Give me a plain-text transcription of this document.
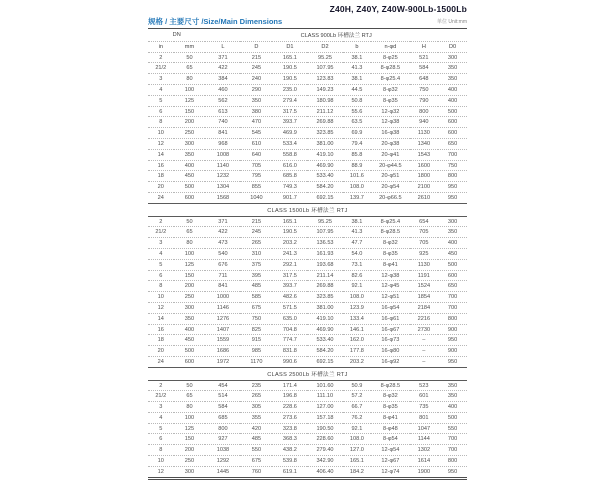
Z40H, Z40Y, Z40W-900Lb-1500Lb
规格 / 主要尺寸 /Size/Main Dimensions	单位 Unit:mm
DN		CLASS 900Lb 环槽法兰 RTJ							
in	mm	L	D	D1	D2	b	n-φd	H	D0
2	50	371	215	165.1	95.25	38.1	8-φ25	521	300
21/2	65	422	245	190.5	107.95	41.3	8-φ28.5	584	350
3	80	384	240	190.5	123.83	38.1	8-φ25.4	648	350
4	100	460	290	235.0	149.23	44.5	8-φ32	750	400
5	125	562	350	279.4	180.98	50.8	8-φ35	790	400
6	150	613	380	317.5	211.12	55.6	12-φ32	800	500
8	200	740	470	393.7	269.88	63.5	12-φ38	940	600
10	250	841	545	469.9	323.85	69.9	16-φ38	1130	600
12	300	968	610	533.4	381.00	79.4	20-φ38	1340	650
14	350	1008	640	558.8	419.10	85.8	20-φ41	1543	700
16	400	1140	705	616.0	469.90	88.9	20-φ44.5	1600	750
18	450	1232	795	685.8	533.40	101.6	20-φ51	1800	800
20	500	1304	855	749.3	584.20	108.0	20-φ54	2100	950
24	600	1568	1040	901.7	692.15	139.7	20-φ66.5	2610	950
CLASS 1500Lb 环槽法兰 RTJ									
2	50	371	215	165.1	95.25	38.1	8-φ25.4	654	300
21/2	65	422	245	190.5	107.95	41.3	8-φ28.5	705	350
3	80	473	265	203.2	136.53	47.7	8-φ32	705	400
4	100	540	310	241.3	161.93	54.0	8-φ35	925	450
5	125	676	375	292.1	193.68	73.1	8-φ41	1130	500
6	150	711	395	317.5	211.14	82.6	12-φ38	1191	600
8	200	841	485	393.7	269.88	92.1	12-φ45	1524	650
10	250	1000	585	482.6	323.85	108.0	12-φ51	1854	700
12	300	1146	675	571.5	381.00	123.9	16-φ54	2184	700
14	350	1276	750	635.0	419.10	133.4	16-φ61	2216	800
16	400	1407	825	704.8	469.90	146.1	16-φ67	2730	900
18	450	1559	915	774.7	533.40	162.0	16-φ73	–	950
20	500	1686	985	831.8	584.20	177.8	16-φ80	–	900
24	600	1972	1170	990.6	692.15	203.2	16-φ92	–	950
CLASS 2500Lb 环槽法兰 RTJ									
2	50	454	235	171.4	101.60	50.9	8-φ28.5	523	350
21/2	65	514	265	196.8	111.10	57.2	8-φ32	601	350
3	80	584	305	228.6	127.00	66.7	8-φ35	735	400
4	100	685	355	273.6	157.18	76.2	8-φ41	801	500
5	125	800	420	323.8	190.50	92.1	8-φ48	1047	550
6	150	927	485	368.3	228.60	108.0	8-φ54	1144	700
8	200	1038	550	438.2	279.40	127.0	12-φ54	1302	700
10	250	1292	675	539.8	342.90	165.1	12-φ67	1614	800
12	300	1445	760	619.1	406.40	184.2	12-φ74	1900	950
